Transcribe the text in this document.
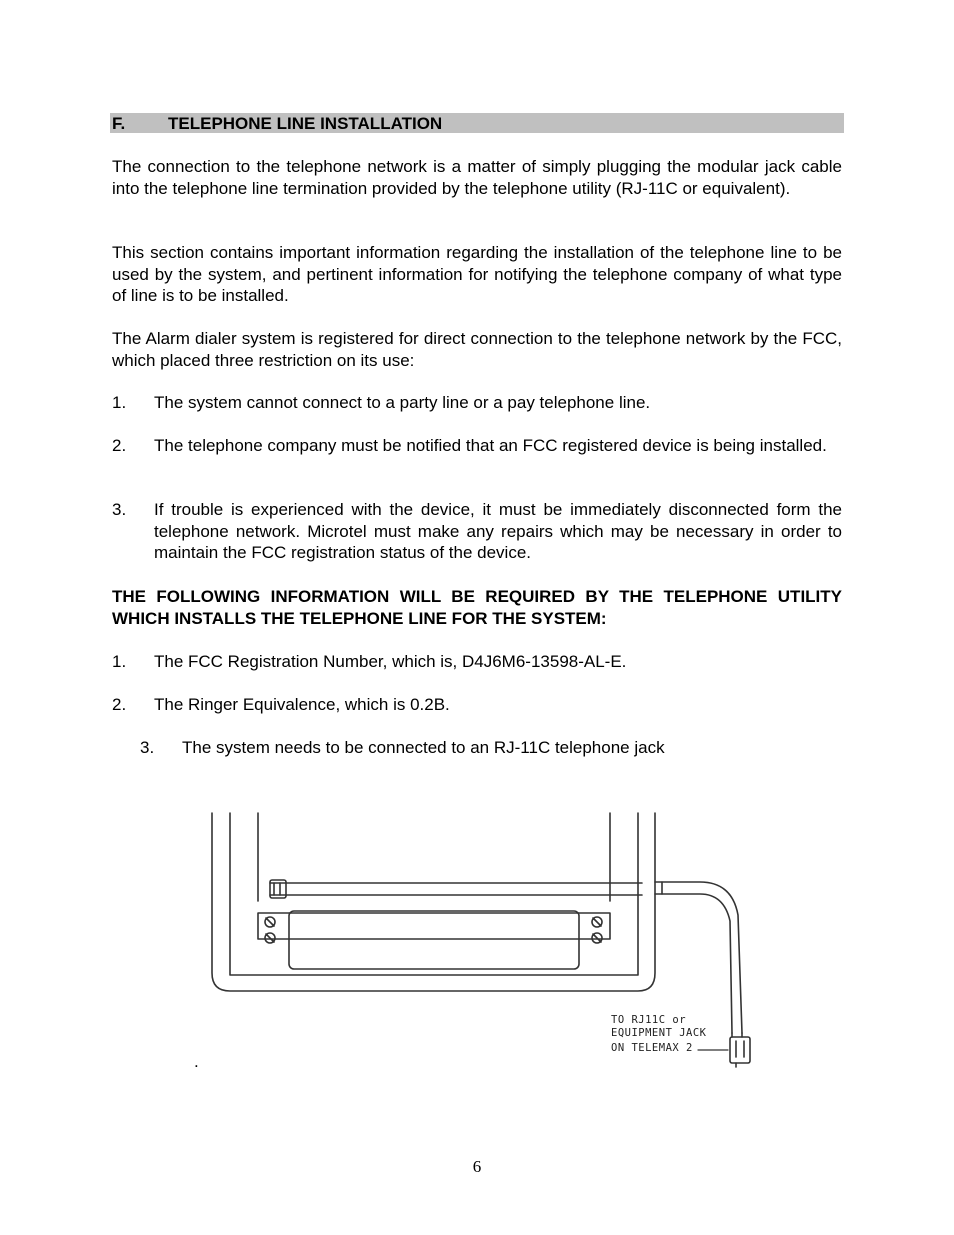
F.	TELEPHONE LINE INSTALLATION

The connection to the telephone network is a matter of simply plugging the modular jack cable into the telephone line termination provided by the telephone utility (RJ-11C or equivalent).

This section contains important information regarding the installation of the telephone line to be used by the system, and pertinent information for notifying the telephone company of what type of line is to be installed.

The Alarm dialer system is registered for direct connection to the telephone network by the FCC, which placed three restriction on its use:

1. The system cannot connect to a party line or a pay telephone line.
2. The telephone company must be notified that an FCC registered device is being installed.
3. If trouble is experienced with the device, it must be immediately disconnected form the telephone network. Microtel must make any repairs which may be necessary in order to maintain the FCC registration status of the device.

THE FOLLOWING INFORMATION WILL BE REQUIRED BY THE TELEPHONE UTILITY WHICH INSTALLS THE TELEPHONE LINE FOR THE SYSTEM:

1. The FCC Registration Number, which is, D4J6M6-13598-AL-E.
2. The Ringer Equivalence, which is 0.2B.
3. The system needs to be connected to an RJ-11C telephone jack
TO RJ11C or
EQUIPMENT JACK
ON TELEMAX 2
.
6
